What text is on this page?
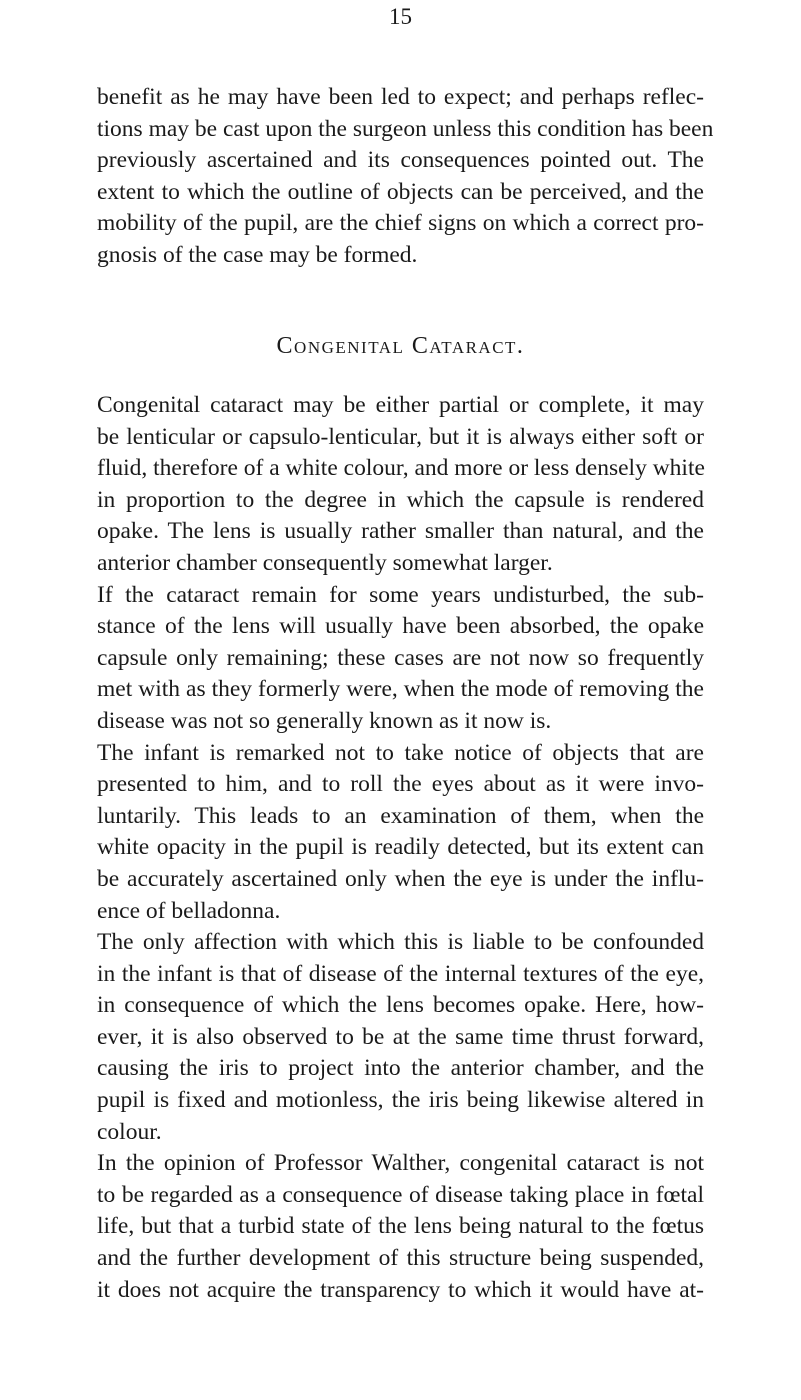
15
benefit as he may have been led to expect; and perhaps reflec-
tions may be cast upon the surgeon unless this condition has been
previously ascertained and its consequences pointed out. The
extent to which the outline of objects can be perceived, and the
mobility of the pupil, are the chief signs on which a correct pro-
gnosis of the case may be formed.
Congenital Cataract.
Congenital cataract may be either partial or complete, it may
be lenticular or capsulo-lenticular, but it is always either soft or
fluid, therefore of a white colour, and more or less densely white
in proportion to the degree in which the capsule is rendered
opake. The lens is usually rather smaller than natural, and the
anterior chamber consequently somewhat larger.
If the cataract remain for some years undisturbed, the sub-
stance of the lens will usually have been absorbed, the opake
capsule only remaining; these cases are not now so frequently
met with as they formerly were, when the mode of removing the
disease was not so generally known as it now is.
The infant is remarked not to take notice of objects that are
presented to him, and to roll the eyes about as it were invo-
luntarily. This leads to an examination of them, when the
white opacity in the pupil is readily detected, but its extent can
be accurately ascertained only when the eye is under the influ-
ence of belladonna.
The only affection with which this is liable to be confounded
in the infant is that of disease of the internal textures of the eye,
in consequence of which the lens becomes opake. Here, how-
ever, it is also observed to be at the same time thrust forward,
causing the iris to project into the anterior chamber, and the
pupil is fixed and motionless, the iris being likewise altered in
colour.
In the opinion of Professor Walther, congenital cataract is not
to be regarded as a consequence of disease taking place in fœtal
life, but that a turbid state of the lens being natural to the fœtus
and the further development of this structure being suspended,
it does not acquire the transparency to which it would have at-
